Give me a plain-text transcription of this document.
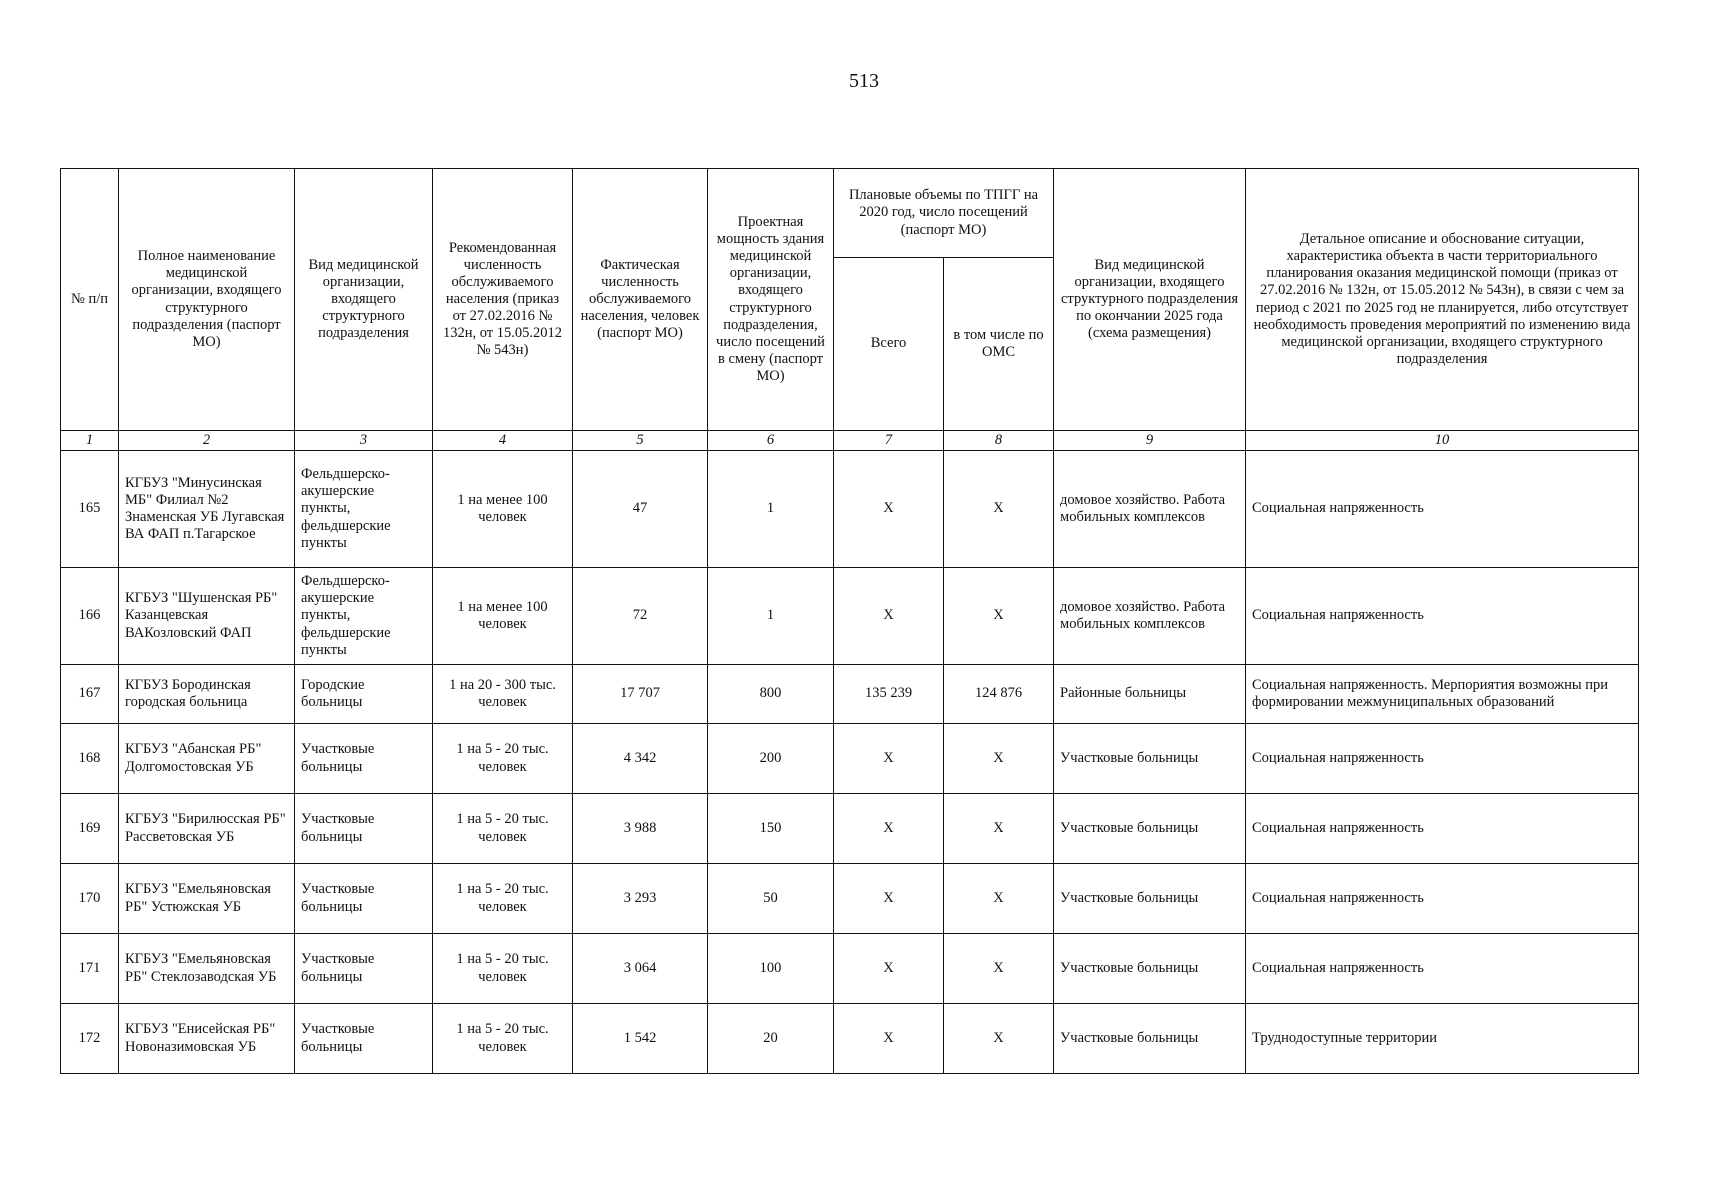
513
№ п/п	Полное наименование медицинской организации, входящего структурного подразделения (паспорт МО)	Вид медицинской организации, входящего структурного подразделения	Рекомендованная численность обслуживаемого населения (приказ от 27.02.2016 № 132н, от 15.05.2012 № 543н)	Фактическая численность обслуживаемого населения, человек (паспорт МО)	Проектная мощность здания медицинской организации, входящего структурного подразделения, число посещений в смену (паспорт МО)	Плановые объемы по ТПГГ на 2020 год, число посещений (паспорт МО)		Вид медицинской организации, входящего структурного подразделения по окончании 2025 года (схема размещения)	Детальное описание и обоснование ситуации, характеристика объекта в части территориального планирования оказания медицинской помощи (приказ от 27.02.2016 № 132н, от 15.05.2012 № 543н), в связи с чем за период с 2021 по 2025 год не планируется, либо отсутствует необходимость проведения мероприятий по изменению вида медицинской организации, входящего структурного подразделения
						Всего	в том числе по ОМС		
1	2	3	4	5	6	7	8	9	10
165	КГБУЗ "Минусинская МБ" Филиал №2 Знаменская УБ Лугавская ВА ФАП п.Тагарское	Фельдшерско-акушерские пункты, фельдшерские пункты	1 на менее 100 человек	47	1	X	X	домовое хозяйство. Работа мобильных комплексов	Социальная напряженность
166	КГБУЗ "Шушенская РБ" Казанцевская ВАКозловский ФАП	Фельдшерско-акушерские пункты, фельдшерские пункты	1 на менее 100 человек	72	1	X	X	домовое хозяйство. Работа мобильных комплексов	Социальная напряженность
167	КГБУЗ Бородинская городская больница	Городские больницы	1 на 20 - 300 тыс. человек	17 707	800	135 239	124 876	Районные больницы	Социальная напряженность. Мерпориятия возможны при формировании межмуниципальных образований
168	КГБУЗ "Абанская РБ" Долгомостовская УБ	Участковые больницы	1 на 5 - 20 тыс. человек	4 342	200	X	X	Участковые больницы	Социальная напряженность
169	КГБУЗ "Бирилюсская РБ" Рассветовская УБ	Участковые больницы	1 на 5 - 20 тыс. человек	3 988	150	X	X	Участковые больницы	Социальная напряженность
170	КГБУЗ "Емельяновская РБ" Устюжская УБ	Участковые больницы	1 на 5 - 20 тыс. человек	3 293	50	X	X	Участковые больницы	Социальная напряженность
171	КГБУЗ "Емельяновская РБ" Стеклозаводская УБ	Участковые больницы	1 на 5 - 20 тыс. человек	3 064	100	X	X	Участковые больницы	Социальная напряженность
172	КГБУЗ "Енисейская РБ" Новоназимовская УБ	Участковые больницы	1 на 5 - 20 тыс. человек	1 542	20	X	X	Участковые больницы	Труднодоступные территории
